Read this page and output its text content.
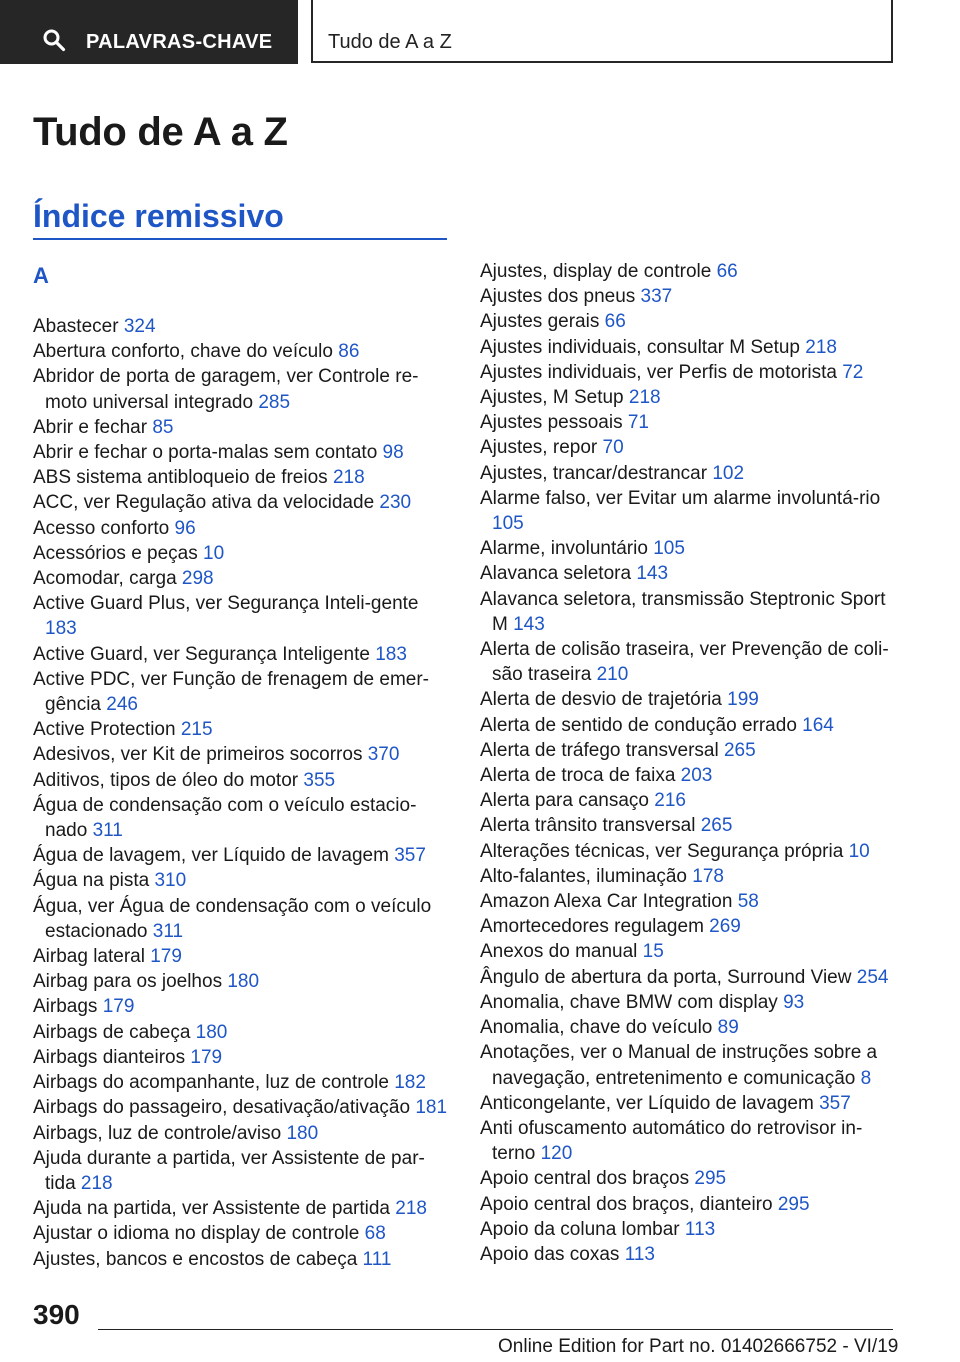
PALAVRAS-CHAVE	Tudo de A a Z
Tudo de A a Z
Índice remissivo
A
Abastecer 324
Abertura conforto, chave do veículo 86
Abridor de porta de garagem, ver Controle re-moto universal integrado 285
Abrir e fechar 85
Abrir e fechar o porta-malas sem contato 98
ABS sistema antibloqueio de freios 218
ACC, ver Regulação ativa da velocidade 230
Acesso conforto 96
Acessórios e peças 10
Acomodar, carga 298
Active Guard Plus, ver Segurança Inteli-gente 183
Active Guard, ver Segurança Inteligente 183
Active PDC, ver Função de frenagem de emer-gência 246
Active Protection 215
Adesivos, ver Kit de primeiros socorros 370
Aditivos, tipos de óleo do motor 355
Água de condensação com o veículo estacio-nado 311
Água de lavagem, ver Líquido de lavagem 357
Água na pista 310
Água, ver Água de condensação com o veículo estacionado 311
Airbag lateral 179
Airbag para os joelhos 180
Airbags 179
Airbags de cabeça 180
Airbags dianteiros 179
Airbags do acompanhante, luz de controle 182
Airbags do passageiro, desativação/ativação 181
Airbags, luz de controle/aviso 180
Ajuda durante a partida, ver Assistente de par-tida 218
Ajuda na partida, ver Assistente de partida 218
Ajustar o idioma no display de controle 68
Ajustes, bancos e encostos de cabeça 111
Ajustes, display de controle 66
Ajustes dos pneus 337
Ajustes gerais 66
Ajustes individuais, consultar M Setup 218
Ajustes individuais, ver Perfis de motorista 72
Ajustes, M Setup 218
Ajustes pessoais 71
Ajustes, repor 70
Ajustes, trancar/destrancar 102
Alarme falso, ver Evitar um alarme involuntá-rio 105
Alarme, involuntário 105
Alavanca seletora 143
Alavanca seletora, transmissão Steptronic Sport M 143
Alerta de colisão traseira, ver Prevenção de coli-são traseira 210
Alerta de desvio de trajetória 199
Alerta de sentido de condução errado 164
Alerta de tráfego transversal 265
Alerta de troca de faixa 203
Alerta para cansaço 216
Alerta trânsito transversal 265
Alterações técnicas, ver Segurança própria 10
Alto-falantes, iluminação 178
Amazon Alexa Car Integration 58
Amortecedores regulagem 269
Anexos do manual 15
Ângulo de abertura da porta, Surround View 254
Anomalia, chave BMW com display 93
Anomalia, chave do veículo 89
Anotações, ver o Manual de instruções sobre a navegação, entretenimento e comunicação 8
Anticongelante, ver Líquido de lavagem 357
Anti ofuscamento automático do retrovisor in-terno 120
Apoio central dos braços 295
Apoio central dos braços, dianteiro 295
Apoio da coluna lombar 113
Apoio das coxas 113
390
Online Edition for Part no. 01402666752 - VI/19
